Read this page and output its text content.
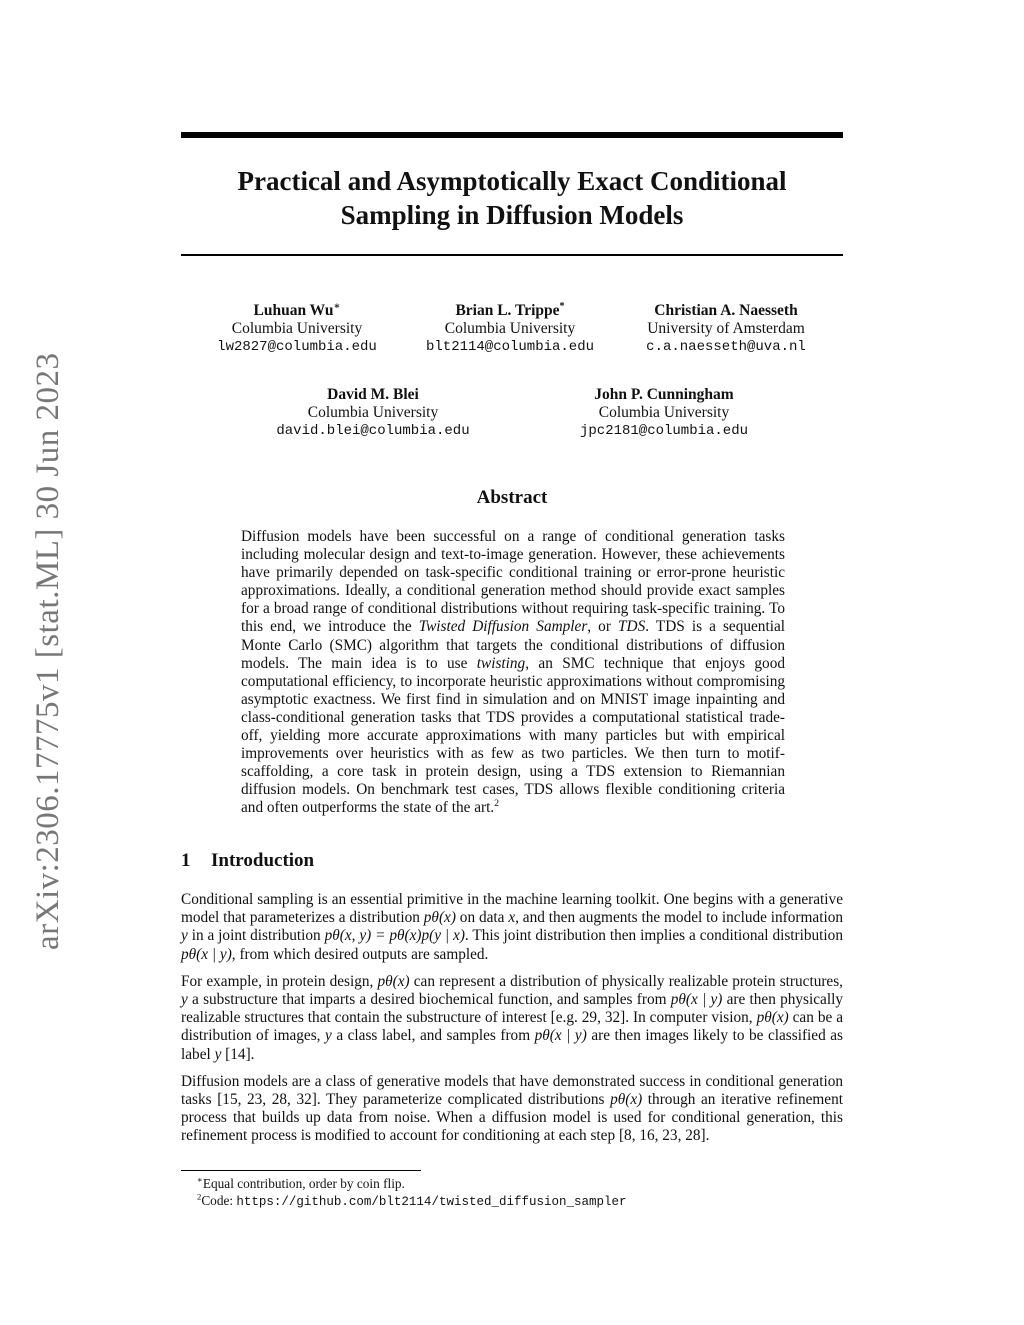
arXiv:2306.17775v1 [stat.ML] 30 Jun 2023
Practical and Asymptotically Exact Conditional
Sampling in Diffusion Models
Luhuan Wu∗
Columbia University
lw2827@columbia.edu
Brian L. Trippe*
Columbia University
blt2114@columbia.edu
Christian A. Naesseth
University of Amsterdam
c.a.naesseth@uva.nl
David M. Blei
Columbia University
david.blei@columbia.edu
John P. Cunningham
Columbia University
jpc2181@columbia.edu
Abstract
Diffusion models have been successful on a range of conditional generation tasks including molecular design and text-to-image generation. However, these achievements have primarily depended on task-specific conditional training or error-prone heuristic approximations. Ideally, a conditional generation method should provide exact samples for a broad range of conditional distributions without requiring task-specific training. To this end, we introduce the Twisted Diffusion Sampler, or TDS. TDS is a sequential Monte Carlo (SMC) algorithm that targets the conditional distributions of diffusion models. The main idea is to use twisting, an SMC technique that enjoys good computational efficiency, to incorporate heuristic approximations without compromising asymptotic exactness. We first find in simulation and on MNIST image inpainting and class-conditional generation tasks that TDS provides a computational statistical trade-off, yielding more accurate approximations with many particles but with empirical improvements over heuristics with as few as two particles. We then turn to motif-scaffolding, a core task in protein design, using a TDS extension to Riemannian diffusion models. On benchmark test cases, TDS allows flexible conditioning criteria and often outperforms the state of the art.$^2$
1 Introduction

Conditional sampling is an essential primitive in the machine learning toolkit. One begins with a generative model that parameterizes a distribution pθ(x) on data x, and then augments the model to include information y in a joint distribution pθ(x, y) = pθ(x)p(y | x). This joint distribution then implies a conditional distribution pθ(x | y), from which desired outputs are sampled.

For example, in protein design, pθ(x) can represent a distribution of physically realizable protein structures, y a substructure that imparts a desired biochemical function, and samples from pθ(x | y) are then physically realizable structures that contain the substructure of interest [e.g. 29, 32]. In computer vision, pθ(x) can be a distribution of images, y a class label, and samples from pθ(x | y) are then images likely to be classified as label y [14].

Diffusion models are a class of generative models that have demonstrated success in conditional generation tasks [15, 23, 28, 32]. They parameterize complicated distributions pθ(x) through an iterative refinement process that builds up data from noise. When a diffusion model is used for conditional generation, this refinement process is modified to account for conditioning at each step [8, 16, 23, 28].

∗Equal contribution, order by coin flip.
$^2$Code: https://github.com/blt2114/twisted_diffusion_sampler
